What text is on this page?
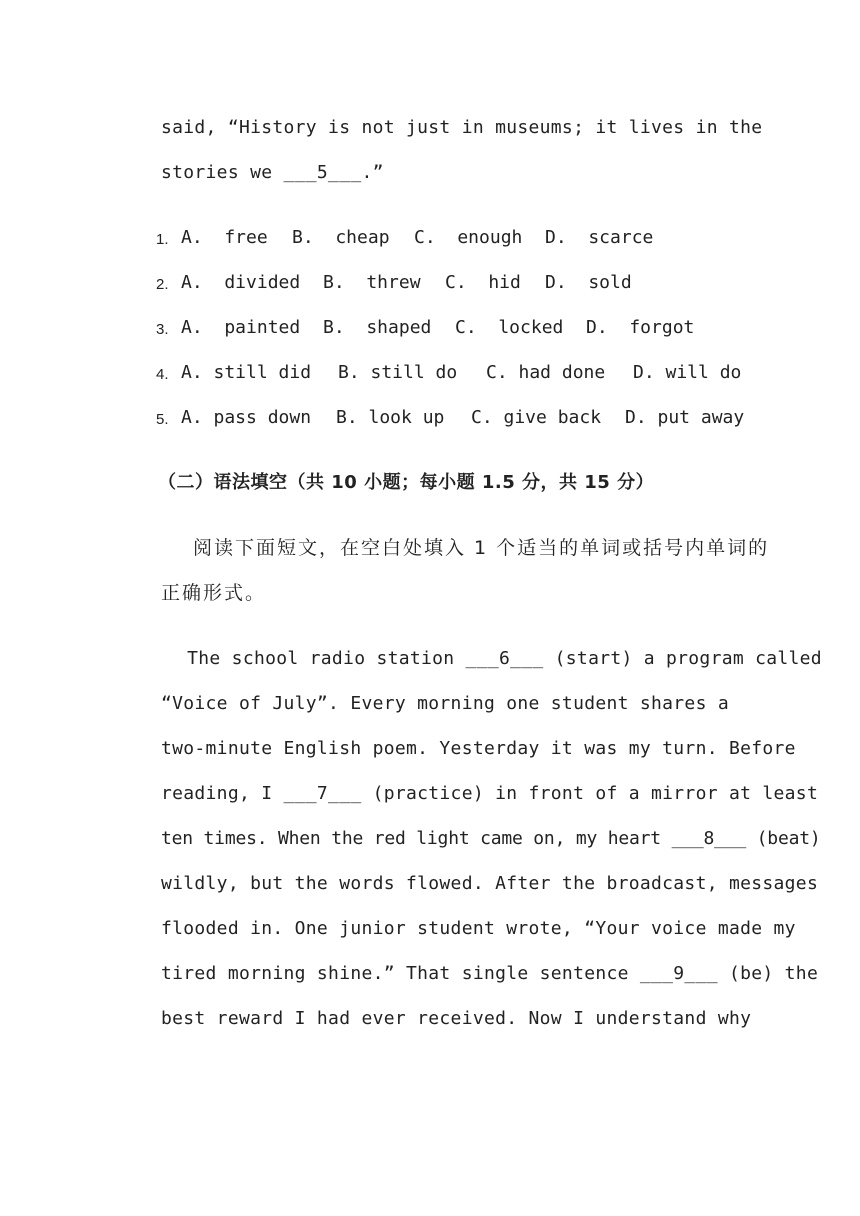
said, “History is not just in museums; it lives in the
stories we ___5___.”
1. A.  free B.  cheap C.  enough D.  scarce
2. A.  divided B.  threw C.  hid D.  sold
3. A.  painted B.  shaped C.  locked D.  forgot
4. A. still did B. still do C. had done D. will do
5. A. pass down B. look up C. give back D. put away
（二）语法填空（共 10 小题；每小题 1.5 分，共 15 分）
阅读下面短文，在空白处填入 1 个适当的单词或括号内单词的
正确形式。
The school radio station ___6___ (start) a program called
“Voice of July”. Every morning one student shares a
two-minute English poem. Yesterday it was my turn. Before
reading, I ___7___ (practice) in front of a mirror at least
ten times. When the red light came on, my heart ___8___ (beat)
wildly, but the words flowed. After the broadcast, messages
flooded in. One junior student wrote, “Your voice made my
tired morning shine.” That single sentence ___9___ (be) the
best reward I had ever received. Now I understand why
